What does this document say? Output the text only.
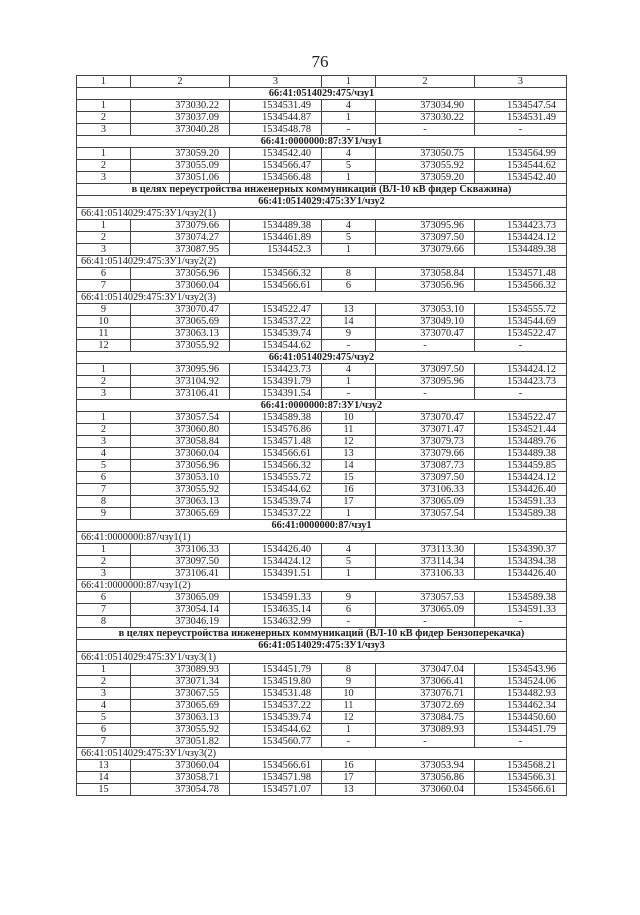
76
1	2	3	1	2	3
66:41:0514029:475/чзу1					
1	373030.22	1534531.49	4	373034.90	1534547.54
2	373037.09	1534544.87	1	373030.22	1534531.49
3	373040.28	1534548.78	-	-	-
66:41:0000000:87:ЗУ1/чзу1					
1	373059.20	1534542.40	4	373050.75	1534564.99
2	373055.09	1534566.47	5	373055.92	1534544.62
3	373051.06	1534566.48	1	373059.20	1534542.40
в целях переустройства инженерных коммуникаций (ВЛ-10 кВ фидер Скважина)					
66:41:0514029:475:ЗУ1/чзу2					
66:41:0514029:475:ЗУ1/чзу2(1)					
1	373079.66	1534489.38	4	373095.96	1534423.73
2	373074.27	1534461.89	5	373097.50	1534424.12
3	373087.95	1534452.3	1	373079.66	1534489.38
66:41:0514029:475:ЗУ1/чзу2(2)					
6	373056.96	1534566.32	8	373058.84	1534571.48
7	373060.04	1534566.61	6	373056.96	1534566.32
66:41:0514029:475:ЗУ1/чзу2(3)					
9	373070.47	1534522.47	13	373053.10	1534555.72
10	373065.69	1534537.22	14	373049.10	1534544.69
11	373063.13	1534539.74	9	373070.47	1534522.47
12	373055.92	1534544.62	-	-	-
66:41:0514029:475/чзу2					
1	373095.96	1534423.73	4	373097.50	1534424.12
2	373104.92	1534391.79	1	373095.96	1534423.73
3	373106.41	1534391.54	-	-	-
66:41:0000000:87:ЗУ1/чзу2					
1	373057.54	1534589.38	10	373070.47	1534522.47
2	373060.80	1534576.86	11	373071.47	1534521.44
3	373058.84	1534571.48	12	373079.73	1534489.76
4	373060.04	1534566.61	13	373079.66	1534489.38
5	373056.96	1534566.32	14	373087.73	1534459.85
6	373053.10	1534555.72	15	373097.50	1534424.12
7	373055.92	1534544.62	16	373106.33	1534426.40
8	373063.13	1534539.74	17	373065.09	1534591.33
9	373065.69	1534537.22	1	373057.54	1534589.38
66:41:0000000:87/чзу1					
66:41:0000000:87/чзу1(1)					
1	373106.33	1534426.40	4	373113.30	1534390.37
2	373097.50	1534424.12	5	373114.34	1534394.38
3	373106.41	1534391.51	1	373106.33	1534426.40
66:41:0000000:87/чзу1(2)					
6	373065.09	1534591.33	9	373057.53	1534589.38
7	373054.14	1534635.14	6	373065.09	1534591.33
8	373046.19	1534632.99	-	-	-
в целях переустройства инженерных коммуникаций (ВЛ-10 кВ фидер Бензоперекачка)					
66:41:0514029:475:ЗУ1/чзу3					
66:41:0514029:475:ЗУ1/чзу3(1)					
1	373089.93	1534451.79	8	373047.04	1534543.96
2	373071.34	1534519.80	9	373066.41	1534524.06
3	373067.55	1534531.48	10	373076.71	1534482.93
4	373065.69	1534537.22	11	373072.69	1534462.34
5	373063.13	1534539.74	12	373084.75	1534450.60
6	373055.92	1534544.62	1	373089.93	1534451.79
7	373051.82	1534560.77	-	-	-
66:41:0514029:475:ЗУ1/чзу3(2)					
13	373060.04	1534566.61	16	373053.94	1534568.21
14	373058.71	1534571.98	17	373056.86	1534566.31
15	373054.78	1534571.07	13	373060.04	1534566.61
